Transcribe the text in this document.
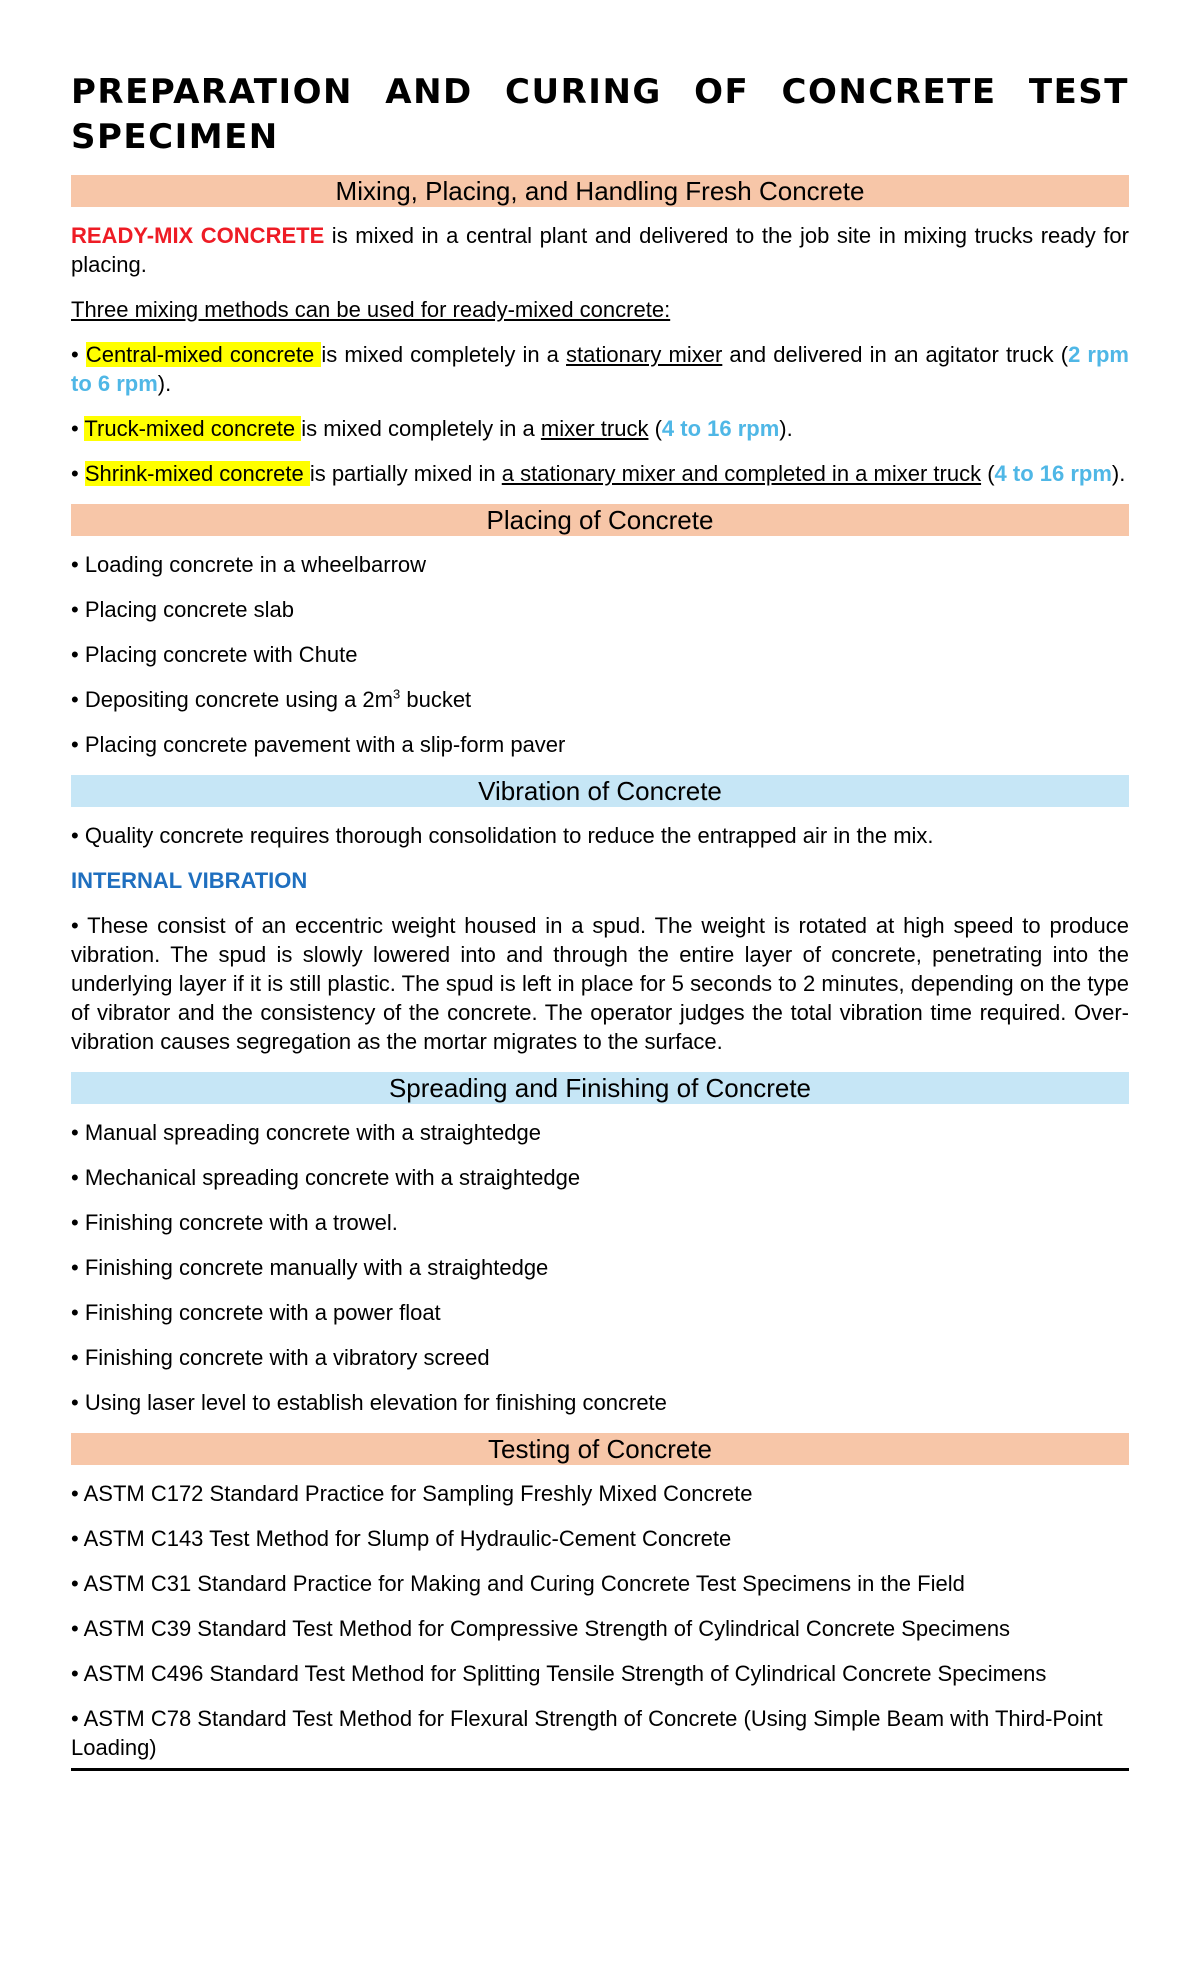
PREPARATION AND CURING OF CONCRETE TEST SPECIMEN
Mixing, Placing, and Handling Fresh Concrete

READY-MIX CONCRETE is mixed in a central plant and delivered to the job site in mixing trucks ready for placing.

Three mixing methods can be used for ready-mixed concrete:

• Central-mixed concrete is mixed completely in a stationary mixer and delivered in an agitator truck (2 rpm to 6 rpm).

• Truck-mixed concrete is mixed completely in a mixer truck (4 to 16 rpm).

• Shrink-mixed concrete is partially mixed in a stationary mixer and completed in a mixer truck (4 to 16 rpm).

Placing of Concrete

• Loading concrete in a wheelbarrow

• Placing concrete slab

• Placing concrete with Chute

• Depositing concrete using a $2m^3$ bucket

• Placing concrete pavement with a slip-form paver

Vibration of Concrete

• Quality concrete requires thorough consolidation to reduce the entrapped air in the mix.

INTERNAL VIBRATION

• These consist of an eccentric weight housed in a spud. The weight is rotated at high speed to produce vibration. The spud is slowly lowered into and through the entire layer of concrete, penetrating into the underlying layer if it is still plastic. The spud is left in place for 5 seconds to 2 minutes, depending on the type of vibrator and the consistency of the concrete. The operator judges the total vibration time required. Over-vibration causes segregation as the mortar migrates to the surface.

Spreading and Finishing of Concrete

• Manual spreading concrete with a straightedge

• Mechanical spreading concrete with a straightedge

• Finishing concrete with a trowel.

• Finishing concrete manually with a straightedge

• Finishing concrete with a power float

• Finishing concrete with a vibratory screed

• Using laser level to establish elevation for finishing concrete

Testing of Concrete

• ASTM C172 Standard Practice for Sampling Freshly Mixed Concrete

• ASTM C143 Test Method for Slump of Hydraulic-Cement Concrete

• ASTM C31 Standard Practice for Making and Curing Concrete Test Specimens in the Field

• ASTM C39 Standard Test Method for Compressive Strength of Cylindrical Concrete Specimens

• ASTM C496 Standard Test Method for Splitting Tensile Strength of Cylindrical Concrete Specimens

• ASTM C78 Standard Test Method for Flexural Strength of Concrete (Using Simple Beam with Third-Point Loading)
